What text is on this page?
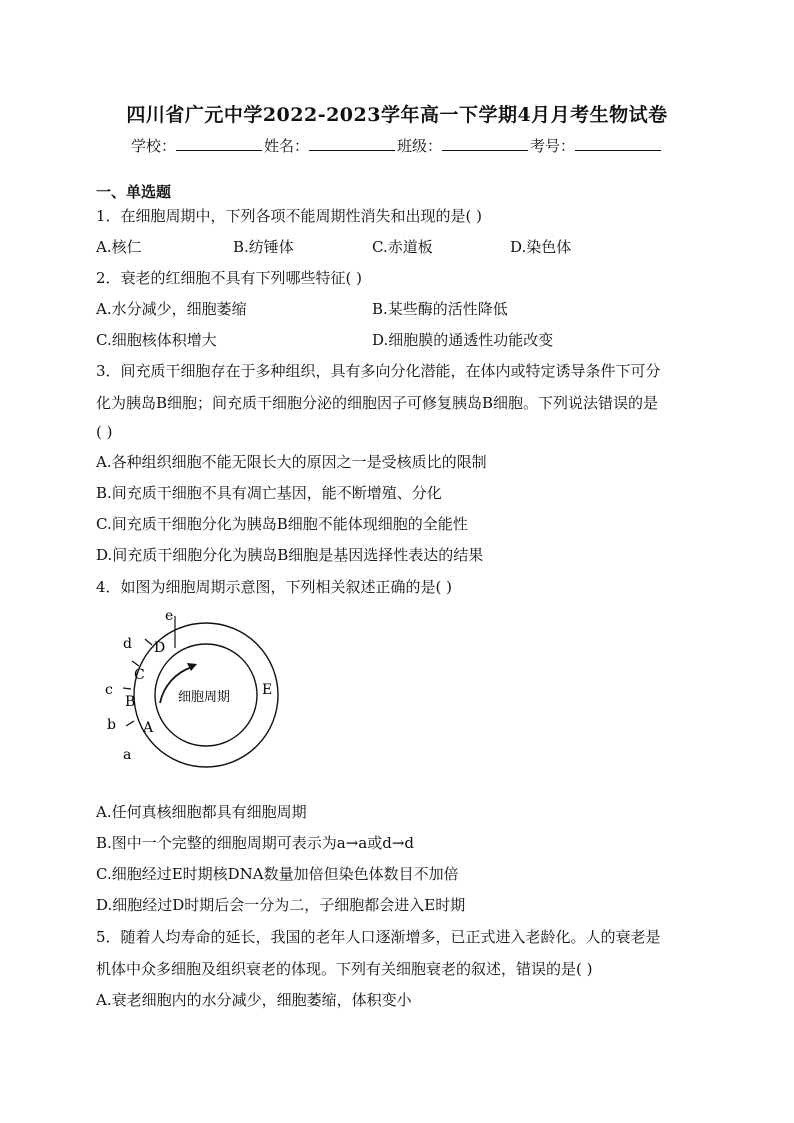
四川省广元中学2022-2023学年高一下学期4月月考生物试卷
学校：	姓名：	班级：	考号：
一、单选题
1．在细胞周期中，下列各项不能周期性消失和出现的是( )
A.核仁	B.纺锤体	C.赤道板	D.染色体
2．衰老的红细胞不具有下列哪些特征( )
A.水分减少，细胞萎缩	B.某些酶的活性降低
C.细胞核体积增大	D.细胞膜的通透性功能改变
3．间充质干细胞存在于多种组织，具有多向分化潜能，在体内或特定诱导条件下可分
化为胰岛B细胞；间充质干细胞分泌的细胞因子可修复胰岛B细胞。下列说法错误的是
( )
A.各种组织细胞不能无限长大的原因之一是受核质比的限制
B.间充质干细胞不具有凋亡基因，能不断增殖、分化
C.间充质干细胞分化为胰岛B细胞不能体现细胞的全能性
D.间充质干细胞分化为胰岛B细胞是基因选择性表达的结果
4．如图为细胞周期示意图，下列相关叙述正确的是( )
A
B
C
D
E
a
b
c
d
e
细胞周期
A.任何真核细胞都具有细胞周期
B.图中一个完整的细胞周期可表示为a→a或d→d
C.细胞经过E时期核DNA数量加倍但染色体数目不加倍
D.细胞经过D时期后会一分为二，子细胞都会进入E时期
5．随着人均寿命的延长，我国的老年人口逐渐增多，已正式进入老龄化。人的衰老是
机体中众多细胞及组织衰老的体现。下列有关细胞衰老的叙述，错误的是( )
A.衰老细胞内的水分减少，细胞萎缩，体积变小
